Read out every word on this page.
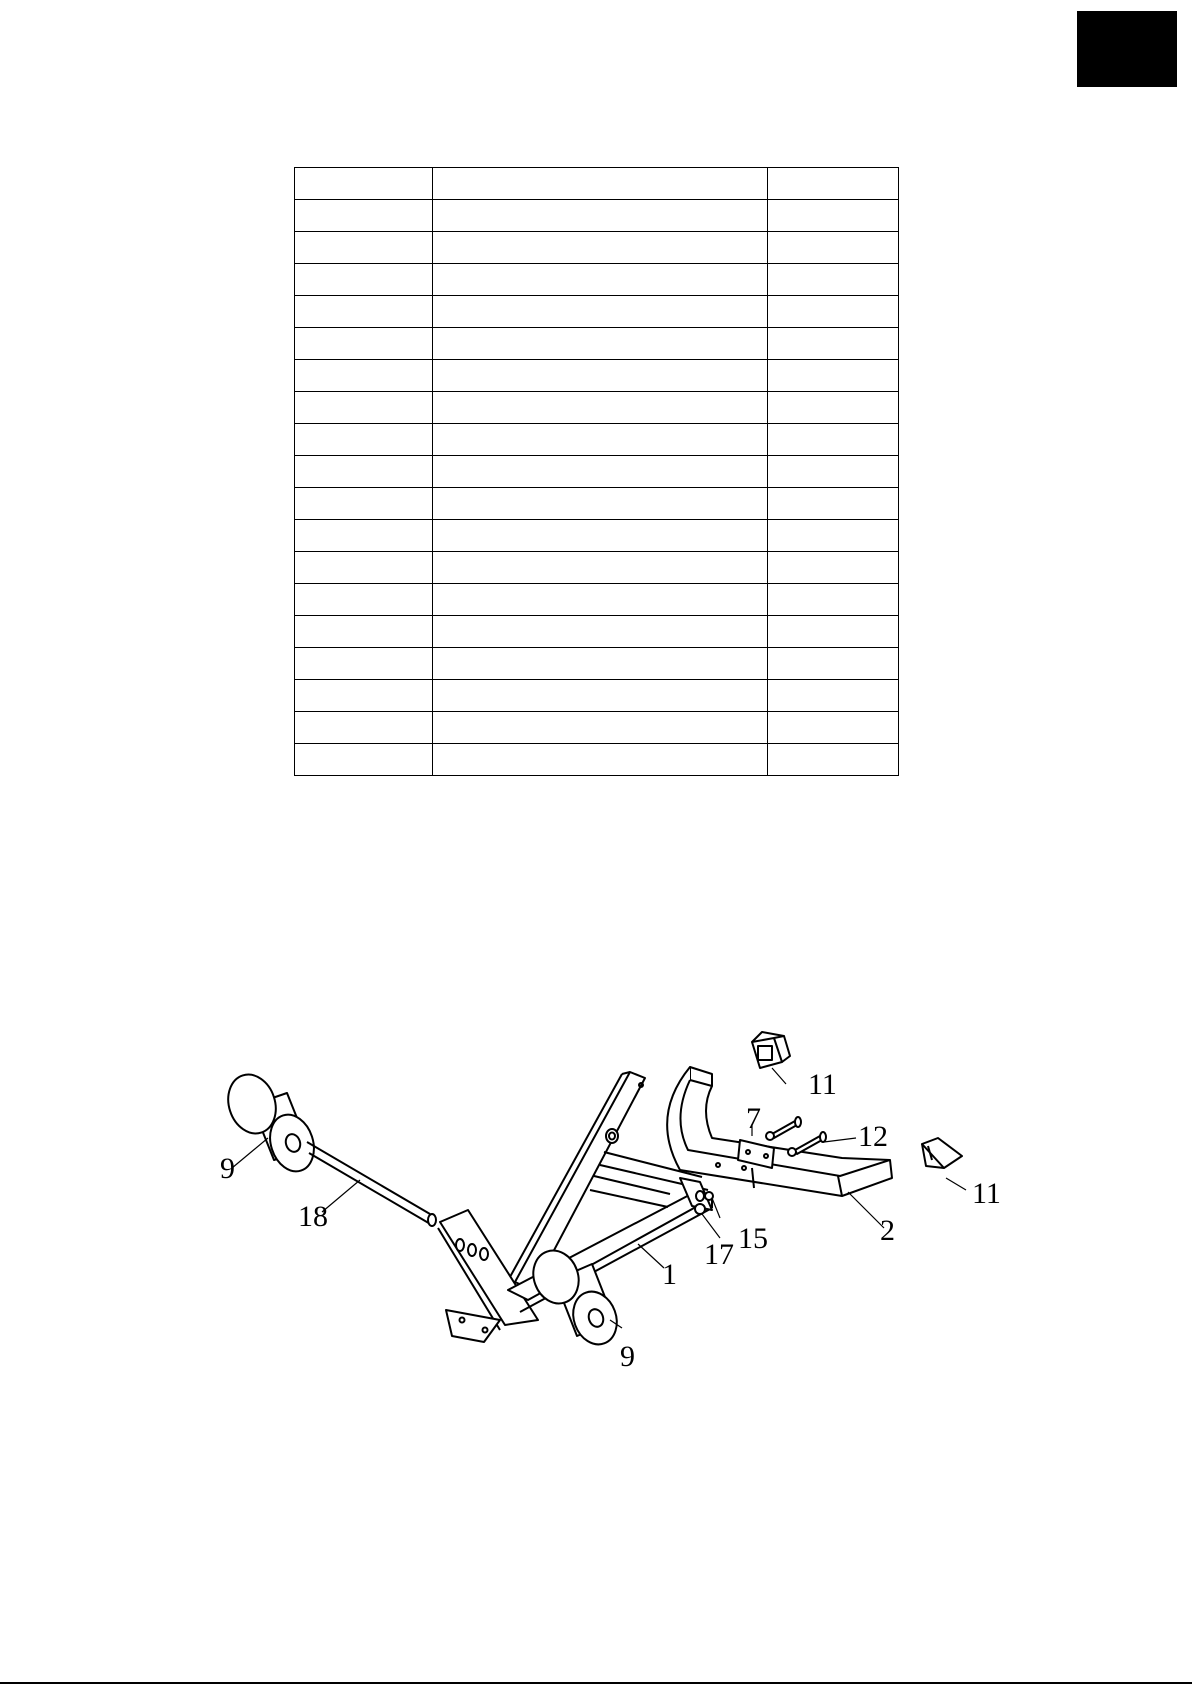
9
18
11
7
12
11
2
15
17
1
9
